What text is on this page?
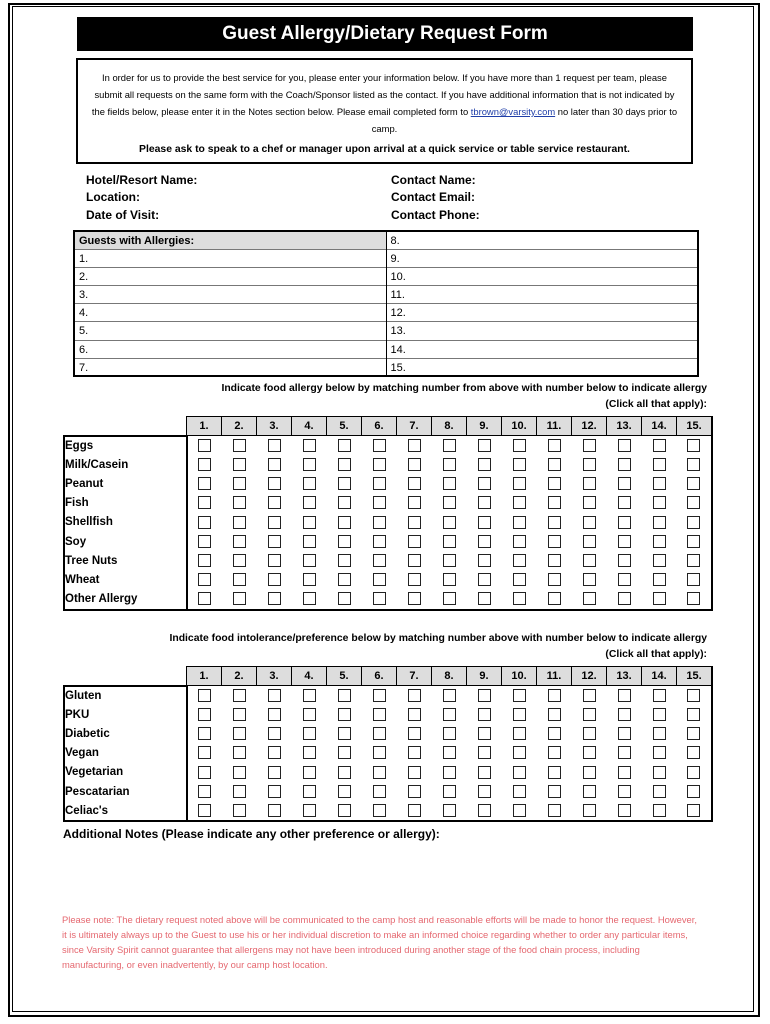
Guest Allergy/Dietary Request Form
In order for us to provide the best service for you, please enter your information below. If you have more than 1 request per team, please submit all requests on the same form with the Coach/Sponsor listed as the contact. If you have additional information that is not indicated by the fields below, please enter it in the Notes section below. Please email completed form to tbrown@varsity.com no later than 30 days prior to camp.
Please ask to speak to a chef or manager upon arrival at a quick service or table service restaurant.
Hotel/Resort Name:
Location:
Date of Visit:
Contact Name:
Contact Email:
Contact Phone:
Guests with Allergies:
1.
2.
3.
4.
5.
6.
7.
8.
9.
10.
11.
12.
13.
14.
15.
Indicate food allergy below by matching number from above with number below to indicate allergy
(Click all that apply):
	1.	2.	3.	4.	5.	6.	7.	8.	9.	10.	11.	12.	13.	14.	15.
Eggs															
Milk/Casein															
Peanut															
Fish															
Shellfish															
Soy															
Tree Nuts															
Wheat															
Other Allergy															
Indicate food intolerance/preference below by matching number above with number below to indicate allergy
(Click all that apply):
	1.	2.	3.	4.	5.	6.	7.	8.	9.	10.	11.	12.	13.	14.	15.
Gluten															
PKU															
Diabetic															
Vegan															
Vegetarian															
Pescatarian															
Celiac's															
Additional Notes (Please indicate any other preference or allergy):
Please note: The dietary request noted above will be communicated to the camp host and reasonable efforts will be made to honor the request. However, it is ultimately always up to the Guest to use his or her individual discretion to make an informed choice regarding whether to order any particular items, since Varsity Spirit cannot guarantee that allergens may not have been introduced during another stage of the food chain process, including manufacturing, or even inadvertently, by our camp host location.
